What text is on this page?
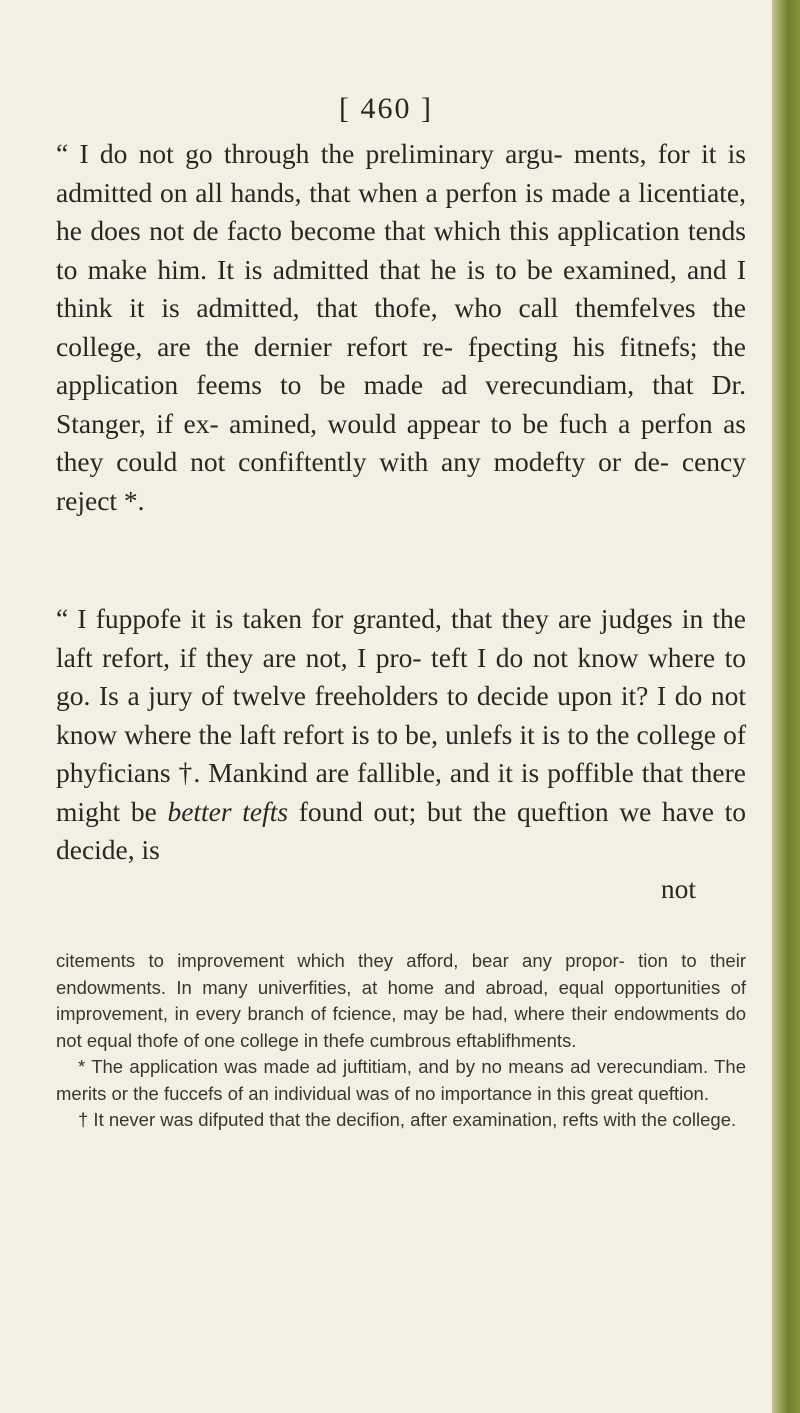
[ 460 ]

“ I do not go through the preliminary argu- ments, for it is admitted on all hands, that when a perfon is made a licentiate, he does not de facto become that which this application tends to make him. It is admitted that he is to be examined, and I think it is admitted, that thofe, who call themfelves the college, are the dernier refort re- fpecting his fitnefs; the application feems to be made ad verecundiam, that Dr. Stanger, if ex- amined, would appear to be fuch a perfon as they could not confiftently with any modefty or de- cency reject *.

“ I fuppofe it is taken for granted, that they are judges in the laft refort, if they are not, I pro- teft I do not know where to go. Is a jury of twelve freeholders to decide upon it? I do not know where the laft refort is to be, unlefs it is to the college of phyficians †. Mankind are fallible, and it is poffible that there might be better tefts found out; but the queftion we have to decide, is

not

citements to improvement which they afford, bear any propor- tion to their endowments. In many univerfities, at home and abroad, equal opportunities of improvement, in every branch of fcience, may be had, where their endowments do not equal thofe of one college in thefe cumbrous eftablifhments.

* The application was made ad juftitiam, and by no means ad verecundiam. The merits or the fuccefs of an individual was of no importance in this great queftion.

† It never was difputed that the decifion, after examination, refts with the college.
